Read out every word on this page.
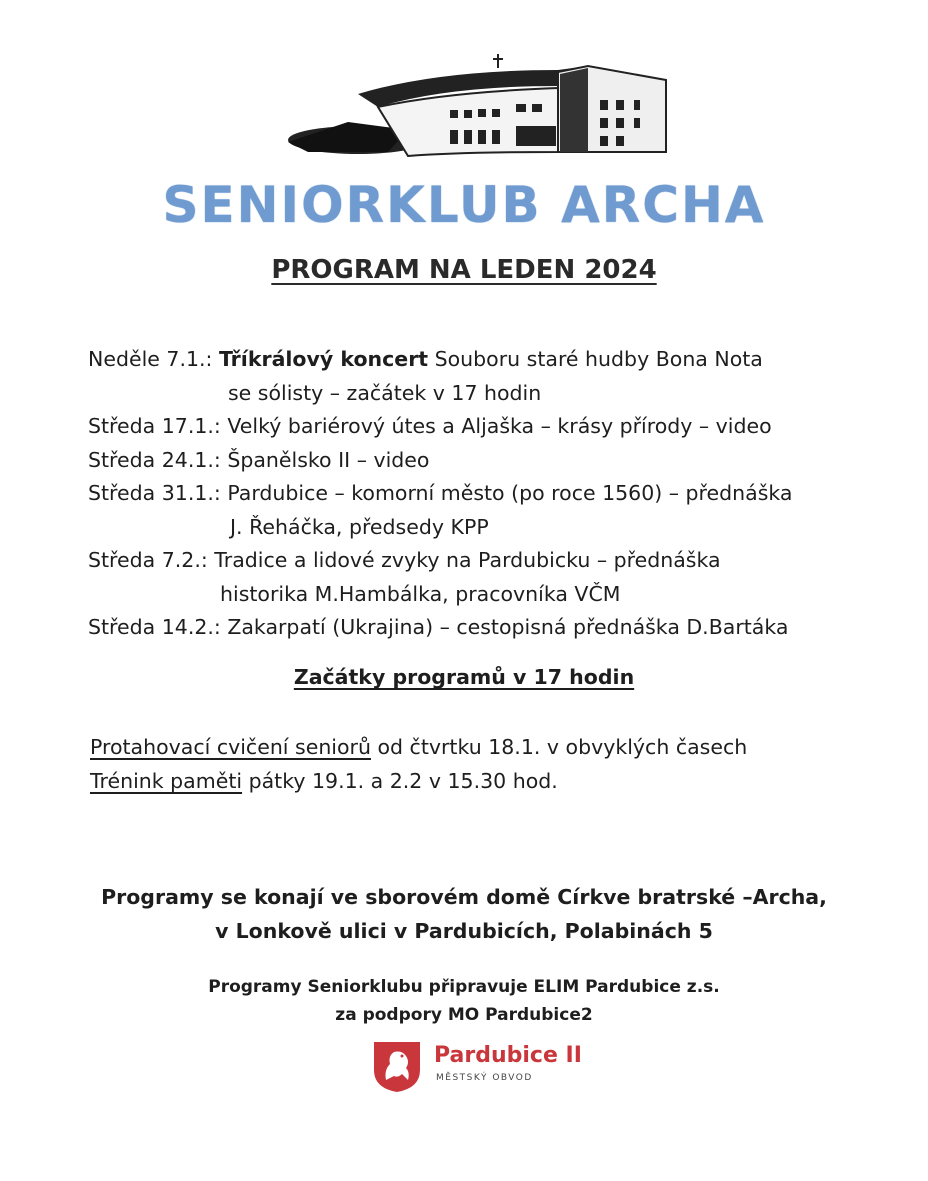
SENIORKLUB ARCHA
PROGRAM NA LEDEN 2024
Neděle 7.1.: Tříkrálový koncert Souboru staré hudby Bona Nota
se sólisty – začátek v 17 hodin
Středa 17.1.: Velký bariérový útes a Aljaška – krásy přírody – video
Středa 24.1.: Španělsko II – video
Středa 31.1.: Pardubice – komorní město (po roce 1560) – přednáška
J. Řeháčka, předsedy KPP
Středa 7.2.: Tradice a lidové zvyky na Pardubicku – přednáška
historika M.Hambálka, pracovníka VČM
Středa 14.2.: Zakarpatí (Ukrajina) – cestopisná přednáška D.Bartáka
Začátky programů v 17 hodin
Protahovací cvičení seniorů od čtvrtku 18.1. v obvyklých časech
Trénink paměti pátky 19.1. a 2.2 v 15.30 hod.
Programy se konají ve sborovém domě Církve bratrské –Archa,
v Lonkově ulici v Pardubicích, Polabinách 5
Programy Seniorklubu připravuje ELIM Pardubice z.s.
za podpory MO Pardubice2
Pardubice II
MĚSTSKÝ OBVOD
